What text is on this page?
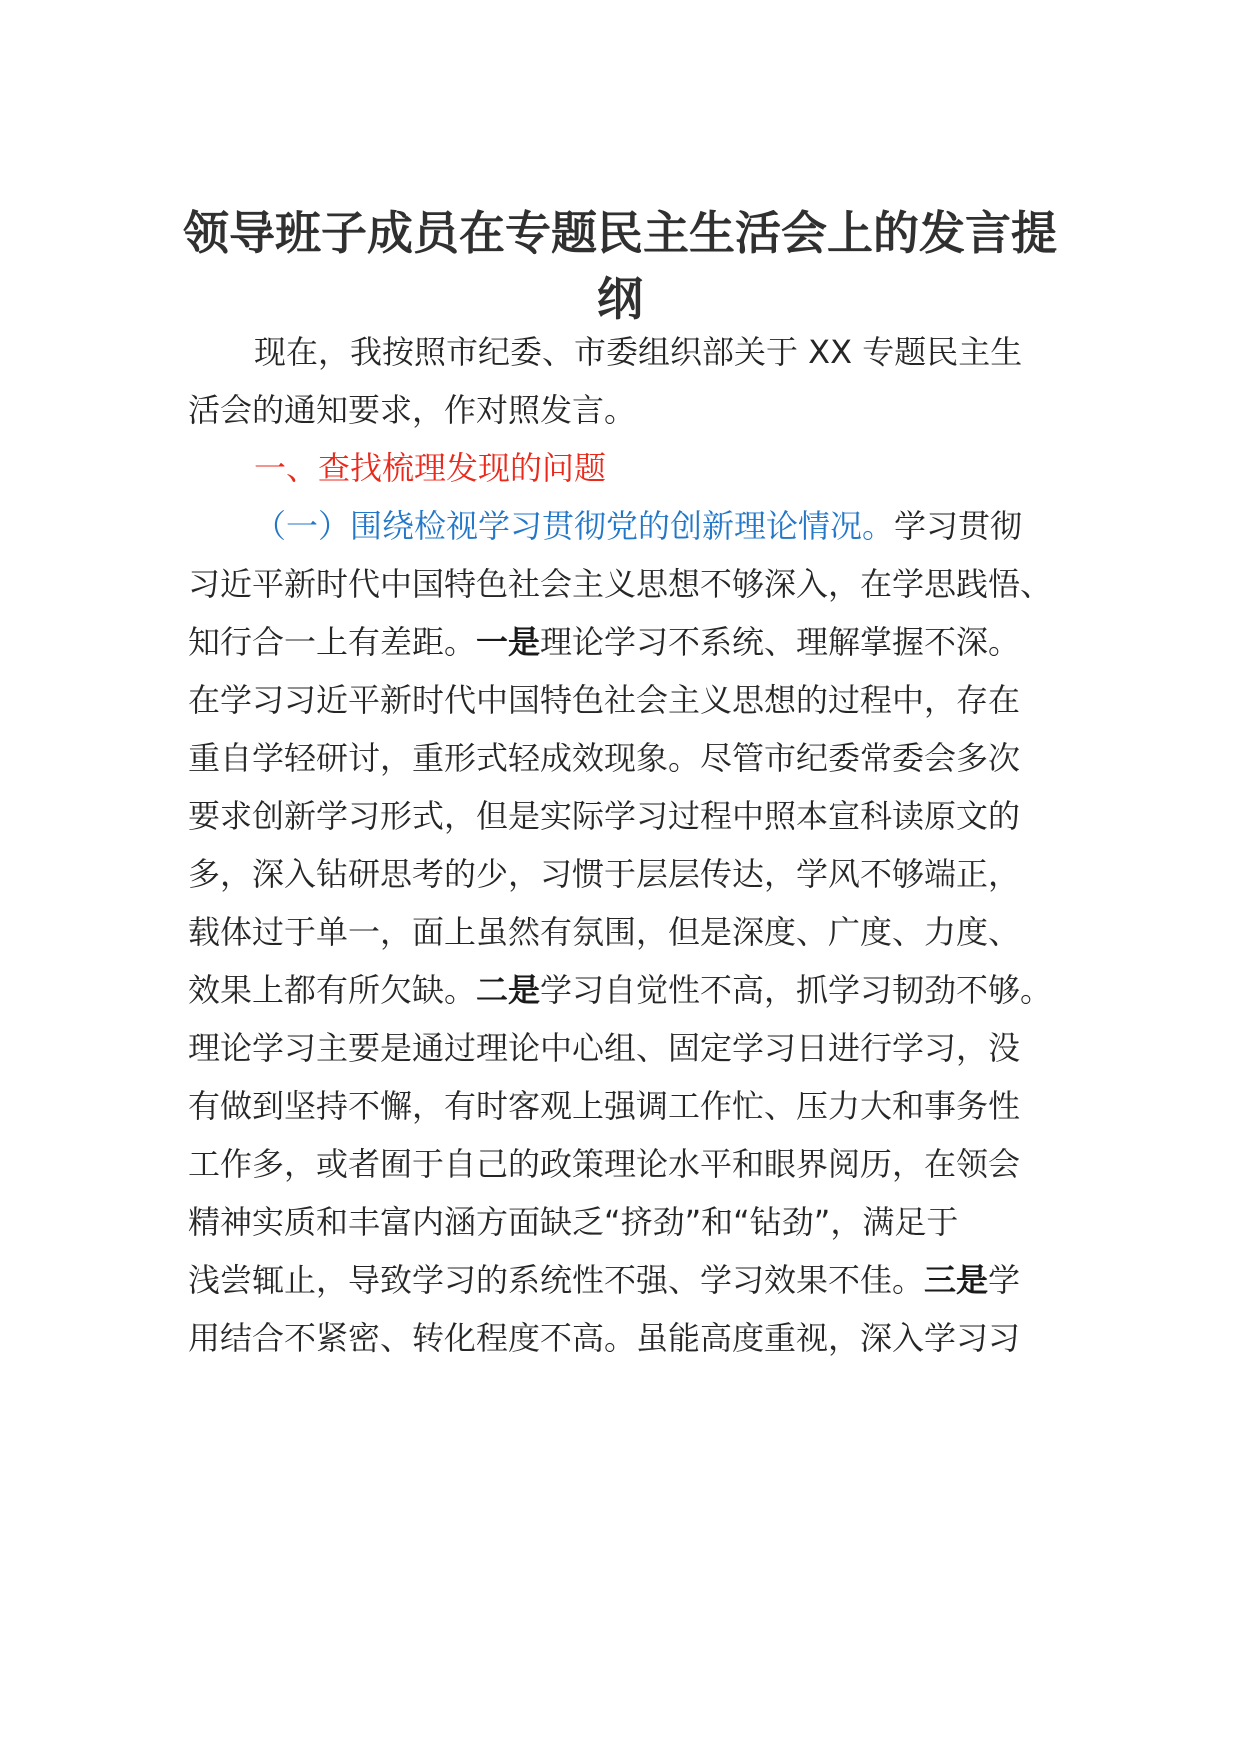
领导班子成员在专题民主生活会上的发言提
纲

现在，我按照市纪委、市委组织部关于 XX 专题民主生

活会的通知要求，作对照发言。

一、查找梳理发现的问题

（一）围绕检视学习贯彻党的创新理论情况。学习贯彻

习近平新时代中国特色社会主义思想不够深入，在学思践悟、

知行合一上有差距。一是理论学习不系统、理解掌握不深。

在学习习近平新时代中国特色社会主义思想的过程中，存在

重自学轻研讨，重形式轻成效现象。尽管市纪委常委会多次

要求创新学习形式，但是实际学习过程中照本宣科读原文的

多，深入钻研思考的少，习惯于层层传达，学风不够端正，

载体过于单一，面上虽然有氛围，但是深度、广度、力度、

效果上都有所欠缺。二是学习自觉性不高，抓学习韧劲不够。

理论学习主要是通过理论中心组、固定学习日进行学习，没

有做到坚持不懈，有时客观上强调工作忙、压力大和事务性

工作多，或者囿于自己的政策理论水平和眼界阅历，在领会

精神实质和丰富内涵方面缺乏“挤劲”和“钻劲”，满足于

浅尝辄止，导致学习的系统性不强、学习效果不佳。三是学

用结合不紧密、转化程度不高。虽能高度重视，深入学习习
